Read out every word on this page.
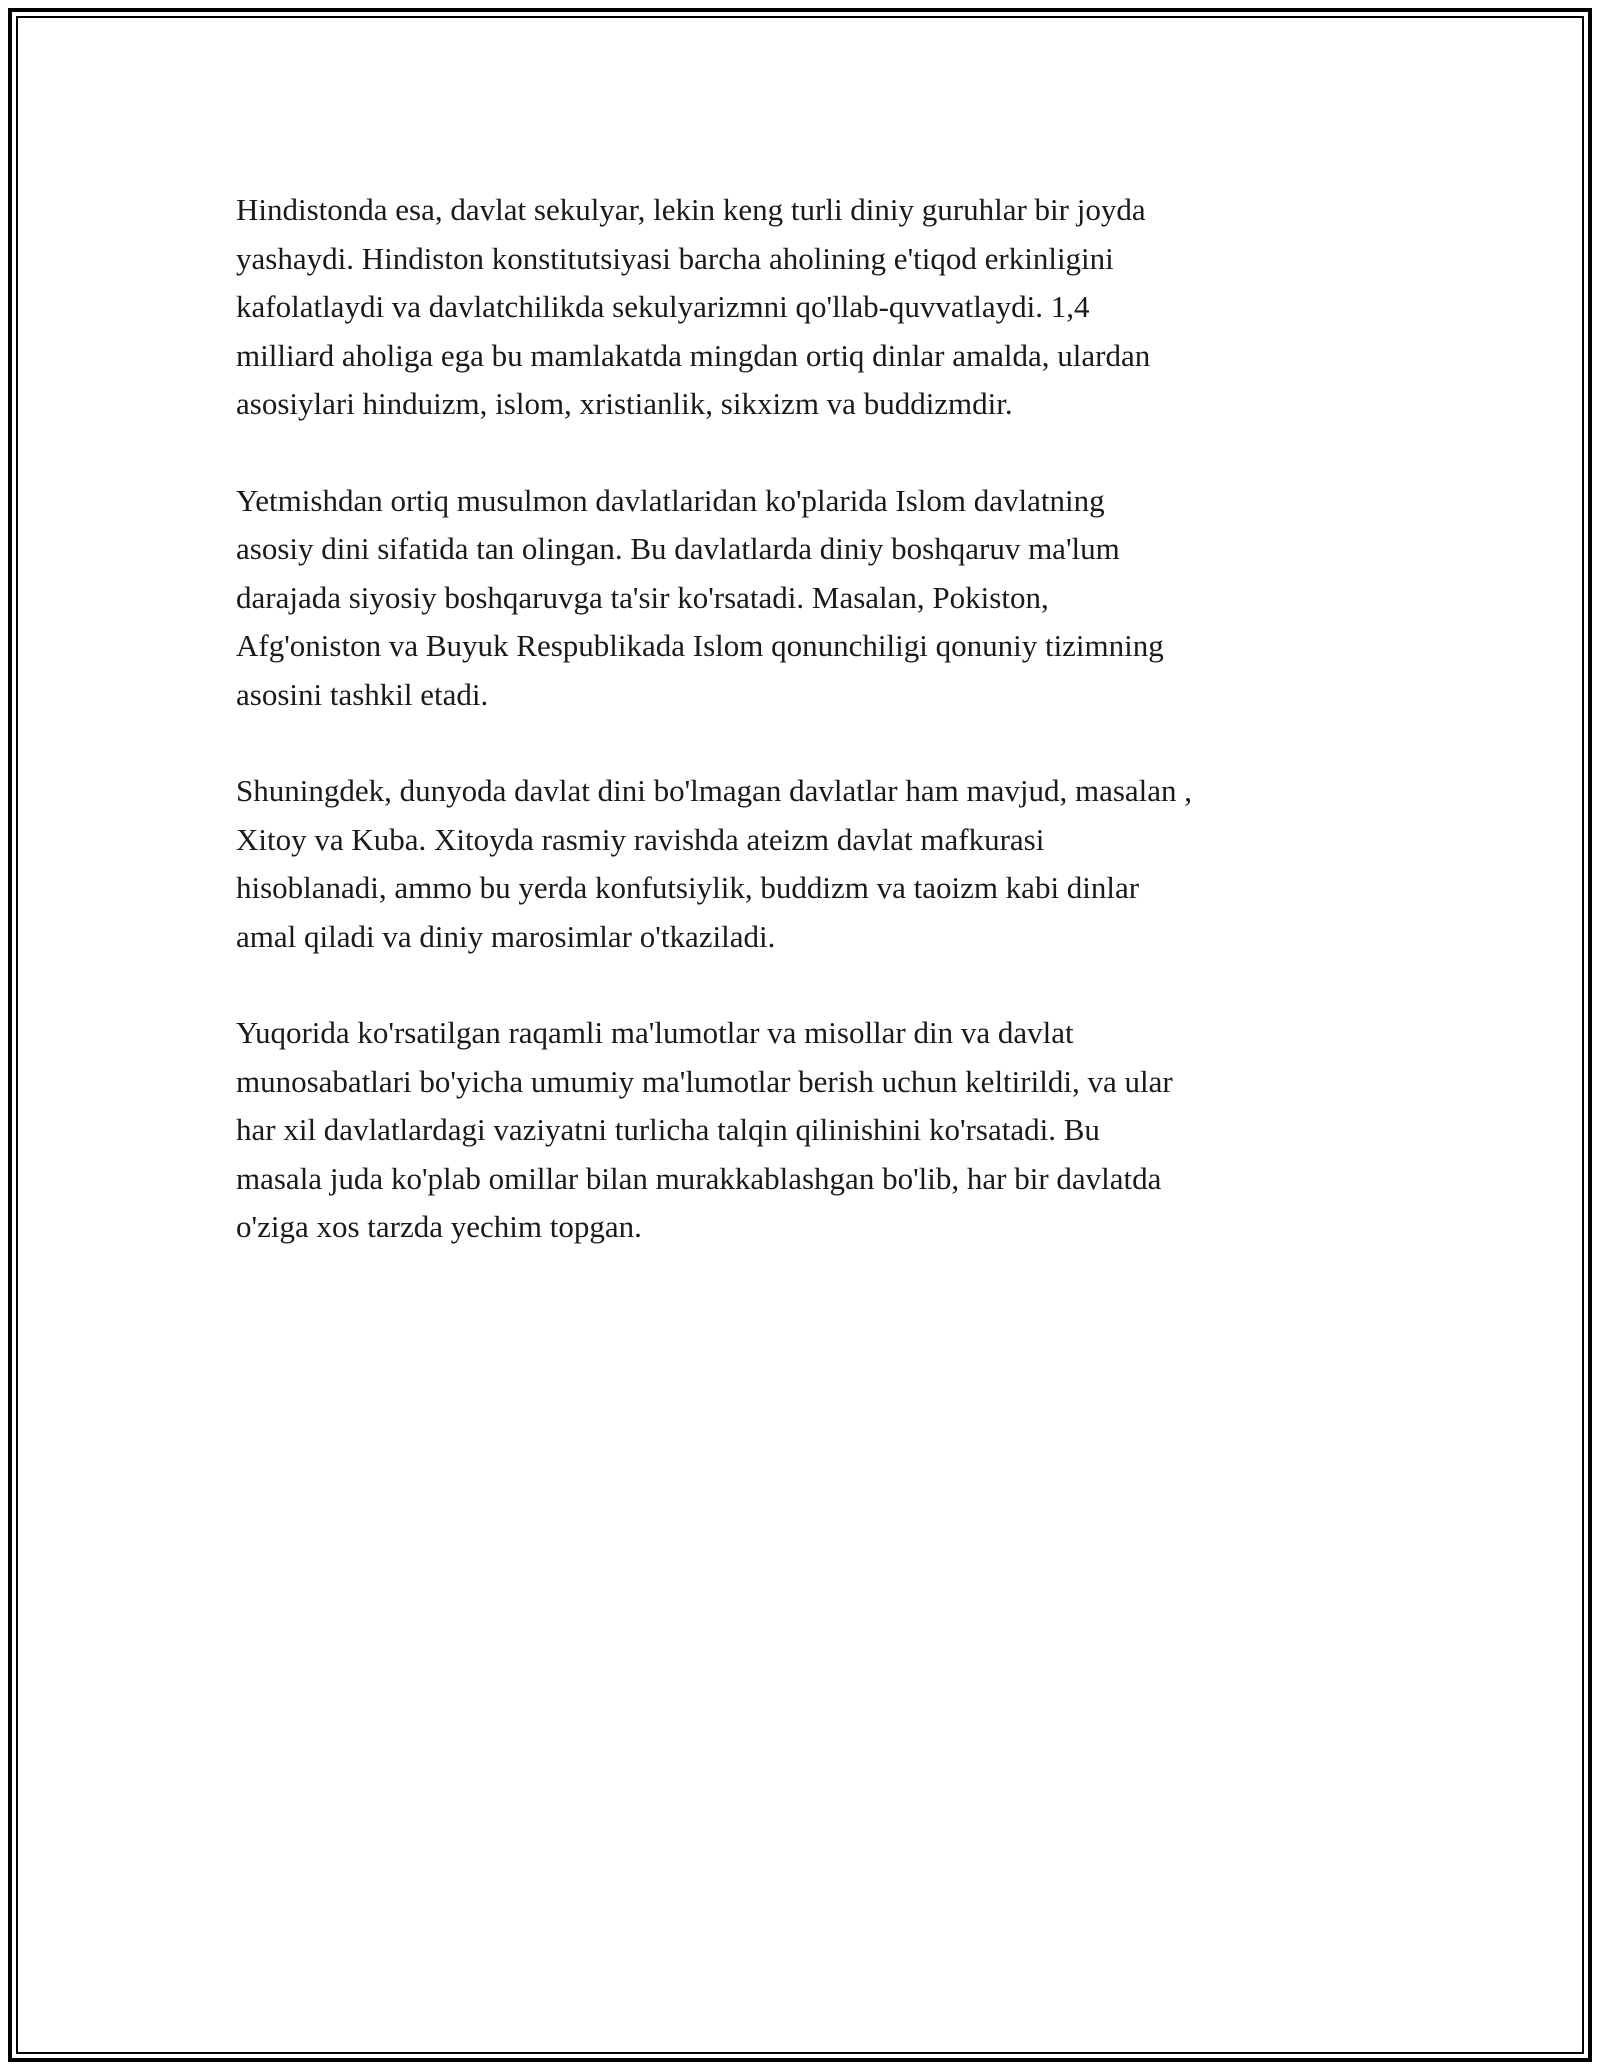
Hindistonda esa, davlat sekulyar, lekin keng turli diniy guruhlar bir joyda
yashaydi. Hindiston konstitutsiyasi barcha aholining e'tiqod erkinligini
kafolatlaydi va davlatchilikda sekulyarizmni qo'llab-quvvatlaydi. 1,4
milliard aholiga ega bu mamlakatda mingdan ortiq dinlar amalda, ulardan
asosiylari hinduizm, islom, xristianlik, sikxizm va buddizmdir.

Yetmishdan ortiq musulmon davlatlaridan ko'plarida Islom davlatning
asosiy dini sifatida tan olingan. Bu davlatlarda diniy boshqaruv ma'lum
darajada siyosiy boshqaruvga ta'sir ko'rsatadi. Masalan, Pokiston,
Afg'oniston va Buyuk Respublikada Islom qonunchiligi qonuniy tizimning
asosini tashkil etadi.

Shuningdek, dunyoda davlat dini bo'lmagan davlatlar ham mavjud, masalan ,
Xitoy va Kuba. Xitoyda rasmiy ravishda ateizm davlat mafkurasi
hisoblanadi, ammo bu yerda konfutsiylik, buddizm va taoizm kabi dinlar
amal qiladi va diniy marosimlar o'tkaziladi.

Yuqorida ko'rsatilgan raqamli ma'lumotlar va misollar din va davlat
munosabatlari bo'yicha umumiy ma'lumotlar berish uchun keltirildi, va ular
har xil davlatlardagi vaziyatni turlicha talqin qilinishini ko'rsatadi. Bu
masala juda ko'plab omillar bilan murakkablashgan bo'lib, har bir davlatda
o'ziga xos tarzda yechim topgan.
